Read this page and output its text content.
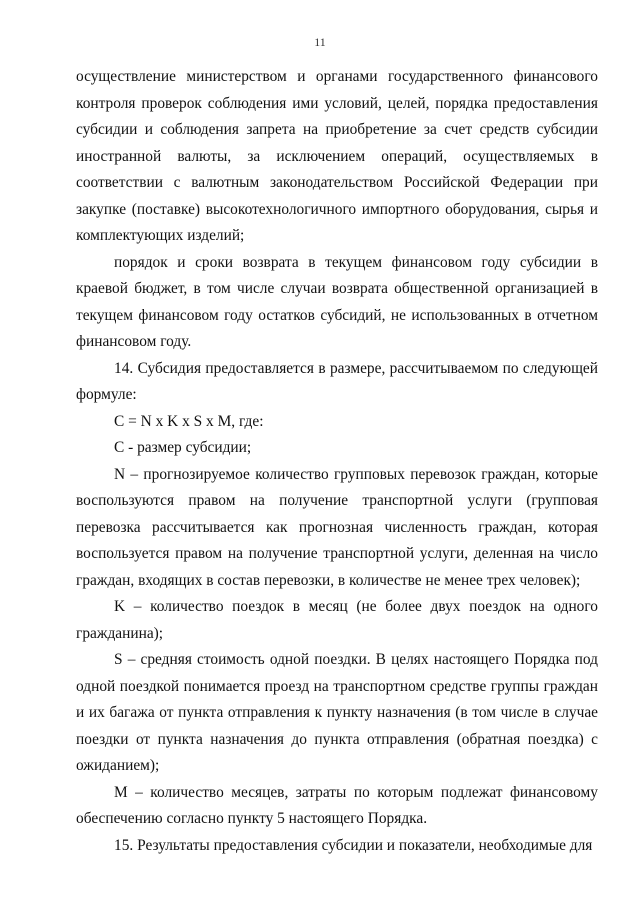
11

осуществление министерством и органами государственного финансового контроля проверок соблюдения ими условий, целей, порядка предоставления субсидии и соблюдения запрета на приобретение за счет средств субсидии иностранной валюты, за исключением операций, осуществляемых в соответствии с валютным законодательством Российской Федерации при закупке (поставке) высокотехнологичного импортного оборудования, сырья и комплектующих изделий;

порядок и сроки возврата в текущем финансовом году субсидии в краевой бюджет, в том числе случаи возврата общественной организацией в текущем финансовом году остатков субсидий, не использованных в отчетном финансовом году.

14. Субсидия предоставляется в размере, рассчитываемом по следующей формуле:

С = N х K х S х M, где:

С - размер субсидии;

N – прогнозируемое количество групповых перевозок граждан, которые воспользуются правом на получение транспортной услуги (групповая перевозка рассчитывается как прогнозная численность граждан, которая воспользуется правом на получение транспортной услуги, деленная на число граждан, входящих в состав перевозки, в количестве не менее трех человек);

K – количество поездок в месяц (не более двух поездок на одного гражданина);

S – средняя стоимость одной поездки. В целях настоящего Порядка под одной поездкой понимается проезд на транспортном средстве группы граждан и их багажа от пункта отправления к пункту назначения (в том числе в случае поездки от пункта назначения до пункта отправления (обратная поездка) с ожиданием);

M – количество месяцев, затраты по которым подлежат финансовому обеспечению согласно пункту 5 настоящего Порядка.

15. Результаты предоставления субсидии и показатели, необходимые для
